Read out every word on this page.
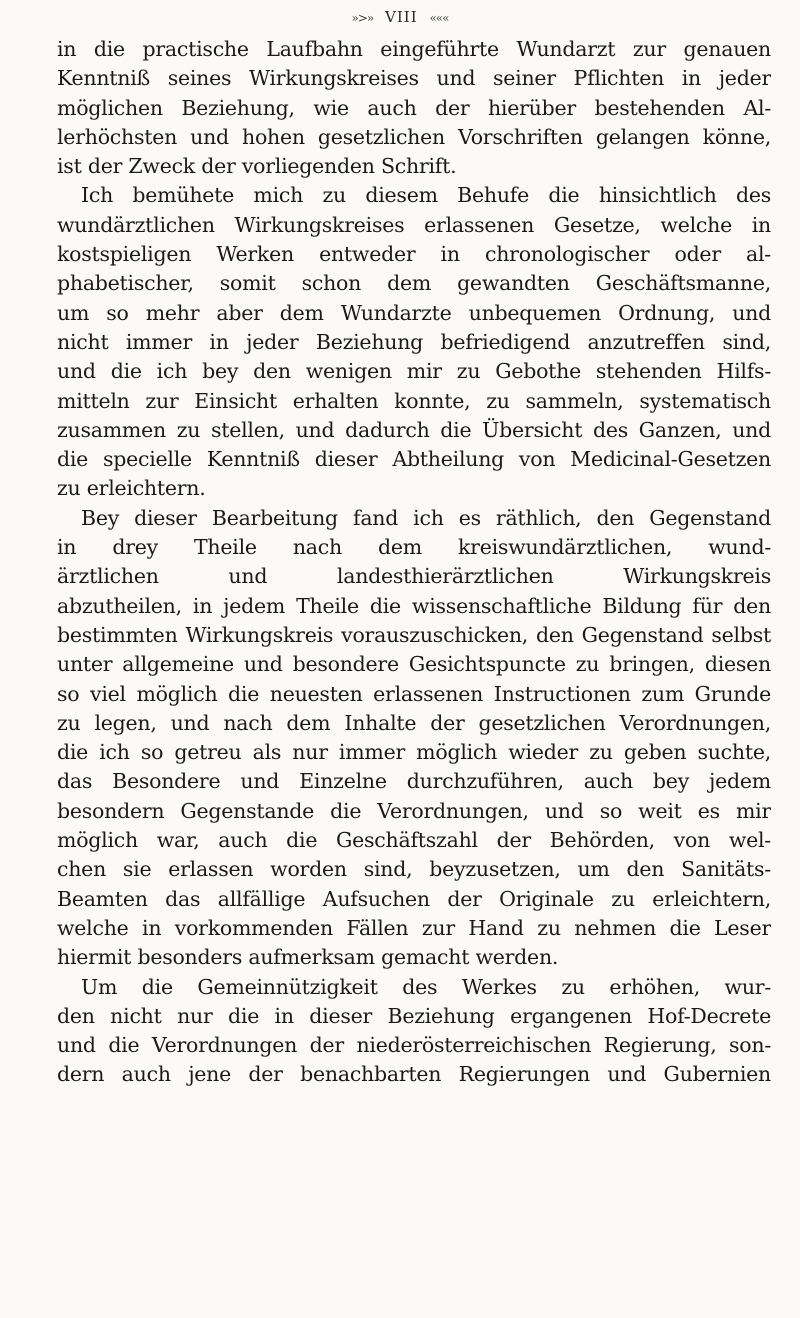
»>» VIII «««
in die practische Laufbahn eingeführte Wundarzt zur genauen
Kenntniß seines Wirkungskreises und seiner Pflichten in jeder
möglichen Beziehung, wie auch der hierüber bestehenden Al-
lerhöchsten und hohen gesetzlichen Vorschriften gelangen könne,
ist der Zweck der vorliegenden Schrift.
Ich bemühete mich zu diesem Behufe die hinsichtlich des
wundärztlichen Wirkungskreises erlassenen Gesetze, welche in
kostspieligen Werken entweder in chronologischer oder al-
phabetischer, somit schon dem gewandten Geschäftsmanne,
um so mehr aber dem Wundarzte unbequemen Ordnung, und
nicht immer in jeder Beziehung befriedigend anzutreffen sind,
und die ich bey den wenigen mir zu Gebothe stehenden Hilfs-
mitteln zur Einsicht erhalten konnte, zu sammeln, systematisch
zusammen zu stellen, und dadurch die Übersicht des Ganzen, und
die specielle Kenntniß dieser Abtheilung von Medicinal-Gesetzen
zu erleichtern.
Bey dieser Bearbeitung fand ich es räthlich, den Gegenstand
in drey Theile nach dem kreiswundärztlichen, wund-
ärztlichen und landesthierärztlichen Wirkungskreis
abzutheilen, in jedem Theile die wissenschaftliche Bildung für den
bestimmten Wirkungskreis vorauszuschicken, den Gegenstand selbst
unter allgemeine und besondere Gesichtspuncte zu bringen, diesen
so viel möglich die neuesten erlassenen Instructionen zum Grunde
zu legen, und nach dem Inhalte der gesetzlichen Verordnungen,
die ich so getreu als nur immer möglich wieder zu geben suchte,
das Besondere und Einzelne durchzuführen, auch bey jedem
besondern Gegenstande die Verordnungen, und so weit es mir
möglich war, auch die Geschäftszahl der Behörden, von wel-
chen sie erlassen worden sind, beyzusetzen, um den Sanitäts-
Beamten das allfällige Aufsuchen der Originale zu erleichtern,
welche in vorkommenden Fällen zur Hand zu nehmen die Leser
hiermit besonders aufmerksam gemacht werden.
Um die Gemeinnützigkeit des Werkes zu erhöhen, wur-
den nicht nur die in dieser Beziehung ergangenen Hof-Decrete
und die Verordnungen der niederösterreichischen Regierung, son-
dern auch jene der benachbarten Regierungen und Gubernien
